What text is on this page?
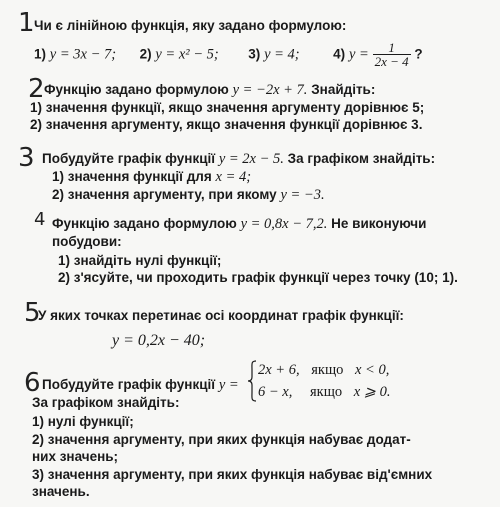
1 Чи є лінійною функція, яку задано формулою:
1) y = 3x − 7; 2) y = x² − 5; 3) y = 4; 4) $y = \frac{1}{2x - 4}$ ?
2 Функцію задано формулою y = −2x + 7. Знайдіть:
1) значення функції, якщо значення аргументу дорівнює 5;
2) значення аргументу, якщо значення функції дорівнює 3.
3 Побудуйте графік функції y = 2x − 5. За графіком знайдіть:
1) значення функції для x = 4;
2) значення аргументу, при якому y = −3.
4 Функцію задано формулою y = 0,8x − 7,2. Не виконуючи
побудови:
1) знайдіть нулі функції;
2) з'ясуйте, чи проходить графік функції через точку (10; 1).
5
У яких точках перетинає осі координат графік функції:
y = 0,2x − 40;
6 Побудуйте графік функції y =
2x + 6, якщо x < 0,
6 − x, якщо x ⩾ 0.
За графіком знайдіть:
1) нулі функції;
2) значення аргументу, при яких функція набуває додат-
них значень;
3) значення аргументу, при яких функція набуває від'ємних
значень.
